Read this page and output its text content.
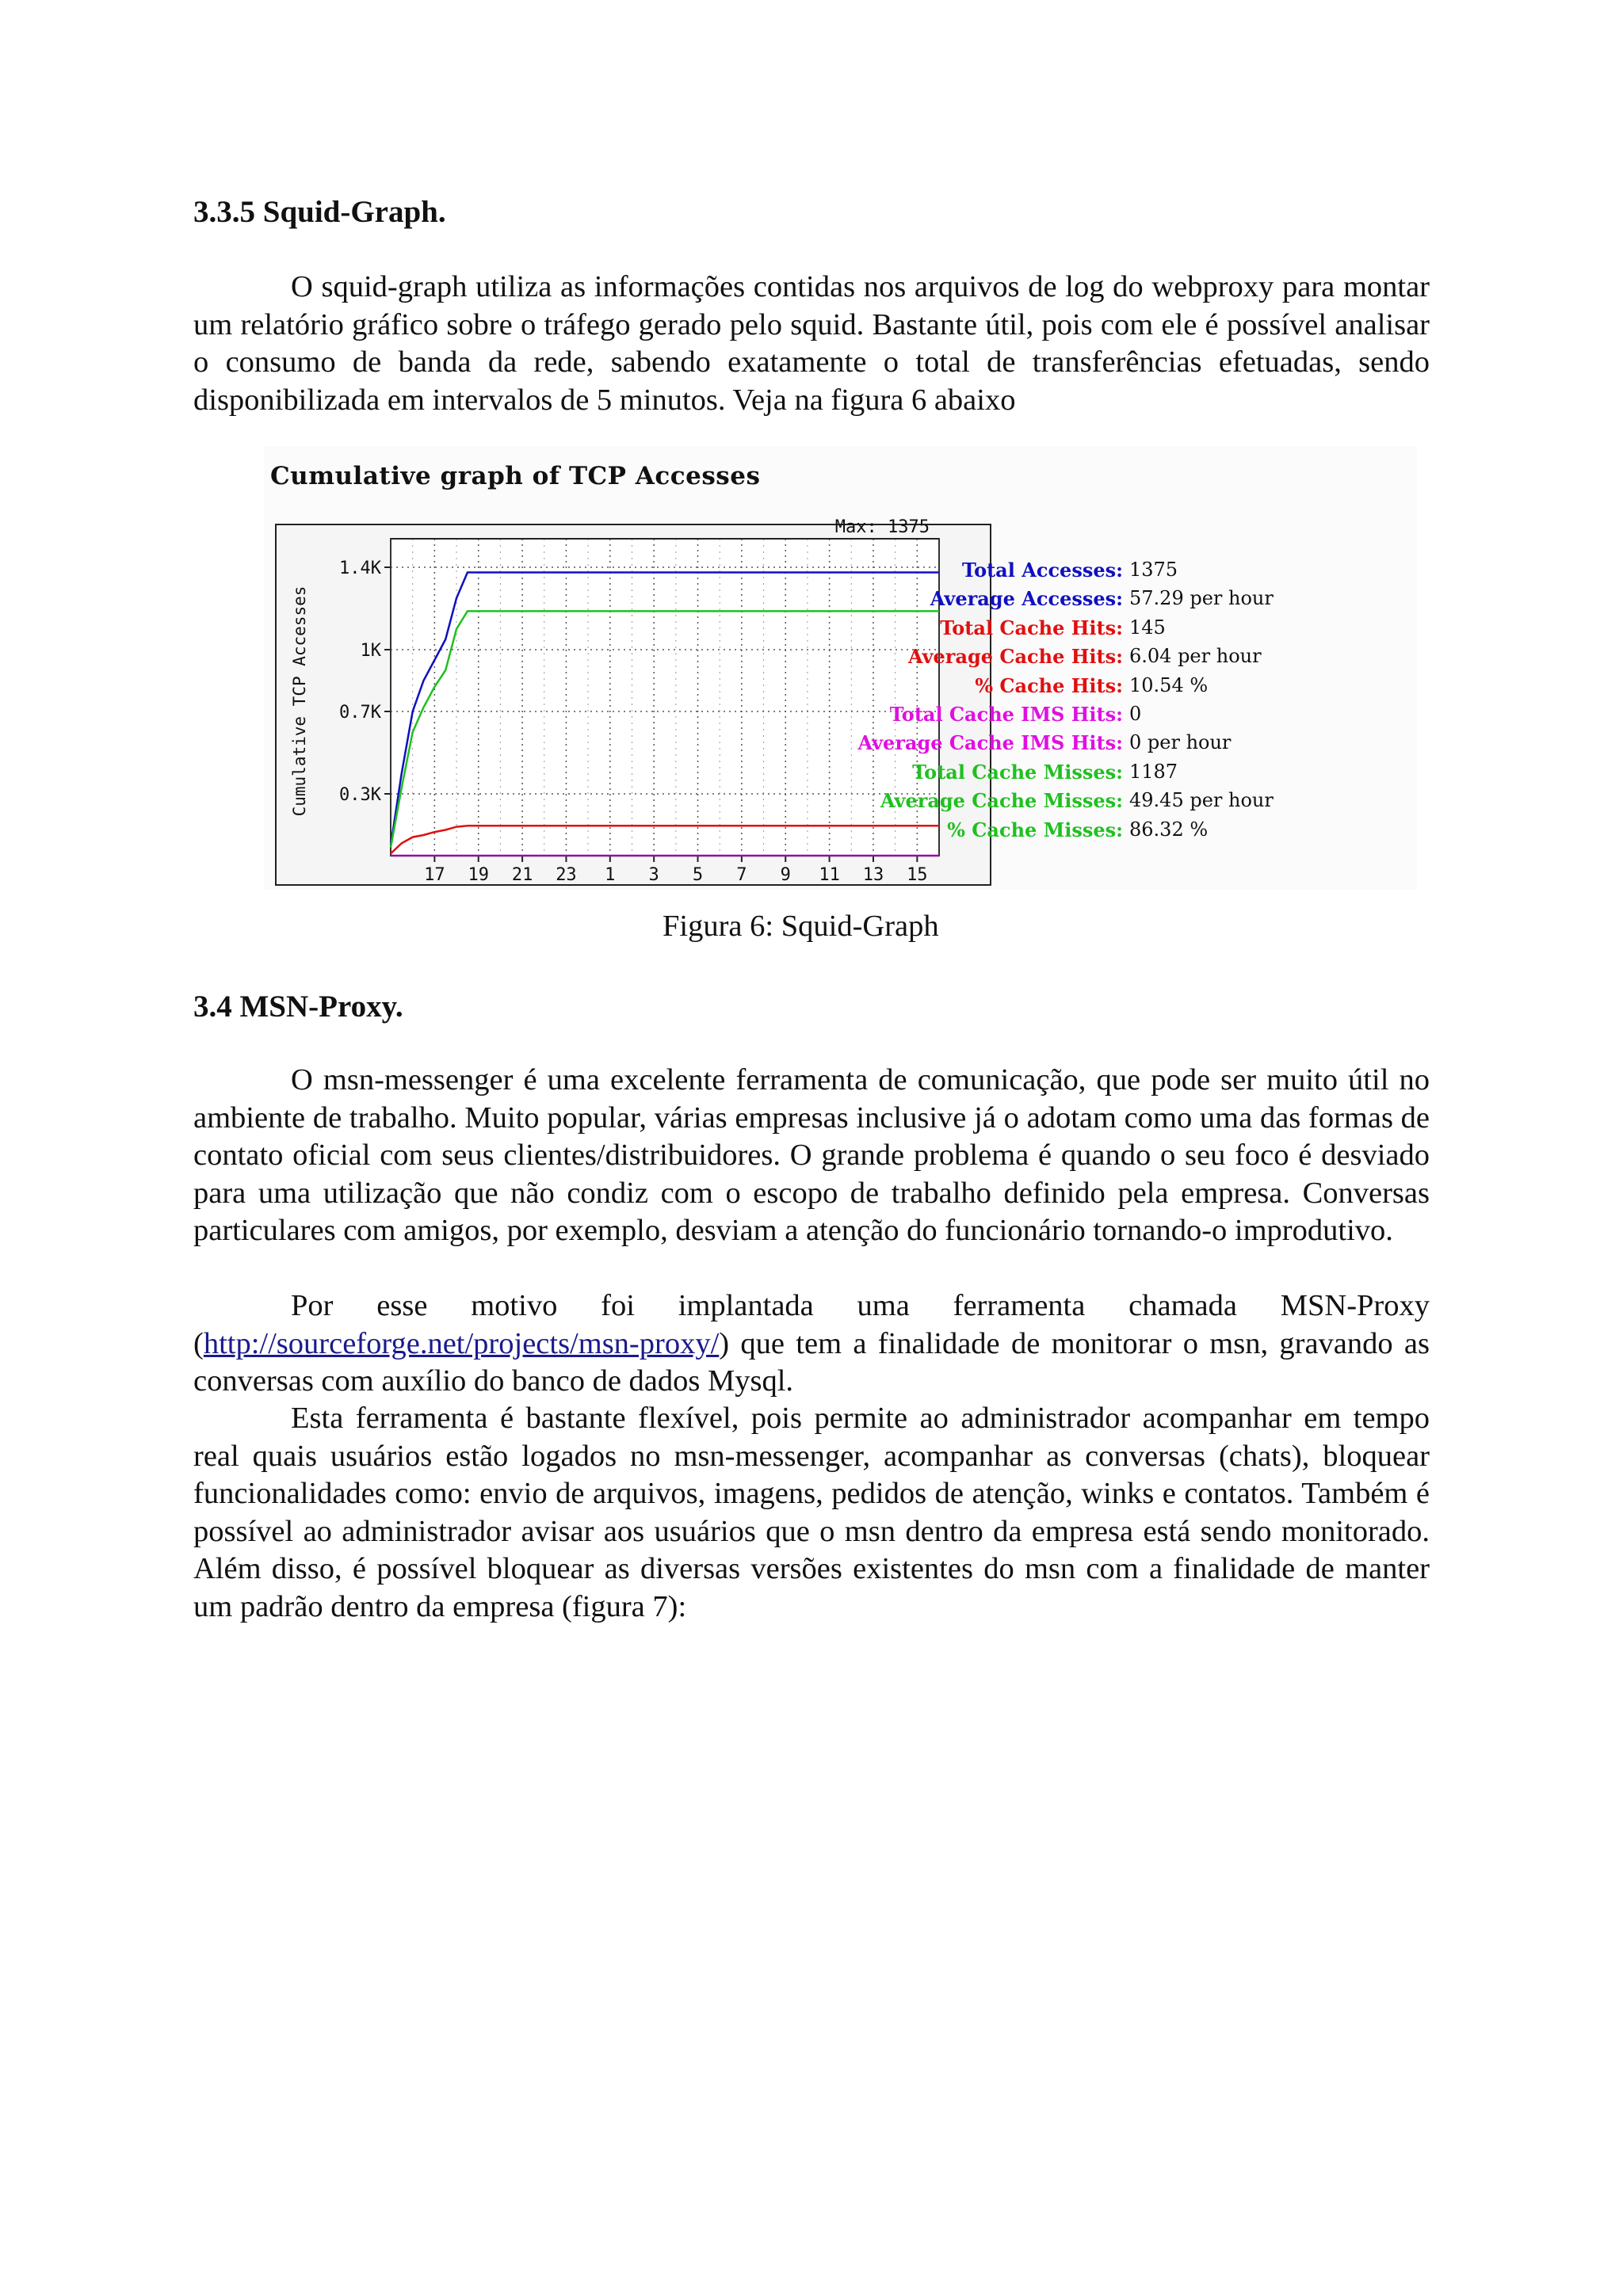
3.3.5 Squid-Graph.

O squid-graph utiliza as informações contidas nos arquivos de log do webproxy para montar um relatório gráfico sobre o tráfego gerado pelo squid. Bastante útil, pois com ele é possível analisar o consumo de banda da rede, sabendo exatamente o total de transferências efetuadas, sendo disponibilizada em intervalos de 5 minutos. Veja na figura 6 abaixo

17 19 21 23 1 3 5 7 9 11 13 15
0.3K
0.7K
1K
1.4K
Cumulative TCP Accesses
Max: 1375
Cumulative graph of TCP Accesses
Total Accesses: 1375
Average Accesses: 57.29 per hour
Total Cache Hits: 145
Average Cache Hits: 6.04 per hour
% Cache Hits: 10.54 %
Total Cache IMS Hits: 0
Average Cache IMS Hits: 0 per hour
Total Cache Misses: 1187
Average Cache Misses: 49.45 per hour
% Cache Misses: 86.32 %
Figura 6: Squid-Graph
3.4 MSN-Proxy.

O msn-messenger é uma excelente ferramenta de comunicação, que pode ser muito útil no ambiente de trabalho. Muito popular, várias empresas inclusive já o adotam como uma das formas de contato oficial com seus clientes/distribuidores. O grande problema é quando o seu foco é desviado para uma utilização que não condiz com o escopo de trabalho definido pela empresa. Conversas particulares com amigos, por exemplo, desviam a atenção do funcionário tornando-o improdutivo.

Por esse motivo foi implantada uma ferramenta chamada MSN-Proxy (http://sourceforge.net/projects/msn-proxy/) que tem a finalidade de monitorar o msn, gravando as conversas com auxílio do banco de dados Mysql.

Esta ferramenta é bastante flexível, pois permite ao administrador acompanhar em tempo real quais usuários estão logados no msn-messenger, acompanhar as conversas (chats), bloquear funcionalidades como: envio de arquivos, imagens, pedidos de atenção, winks e contatos. Também é possível ao administrador avisar aos usuários que o msn dentro da empresa está sendo monitorado. Além disso, é possível bloquear as diversas versões existentes do msn com a finalidade de manter um padrão dentro da empresa (figura 7):
